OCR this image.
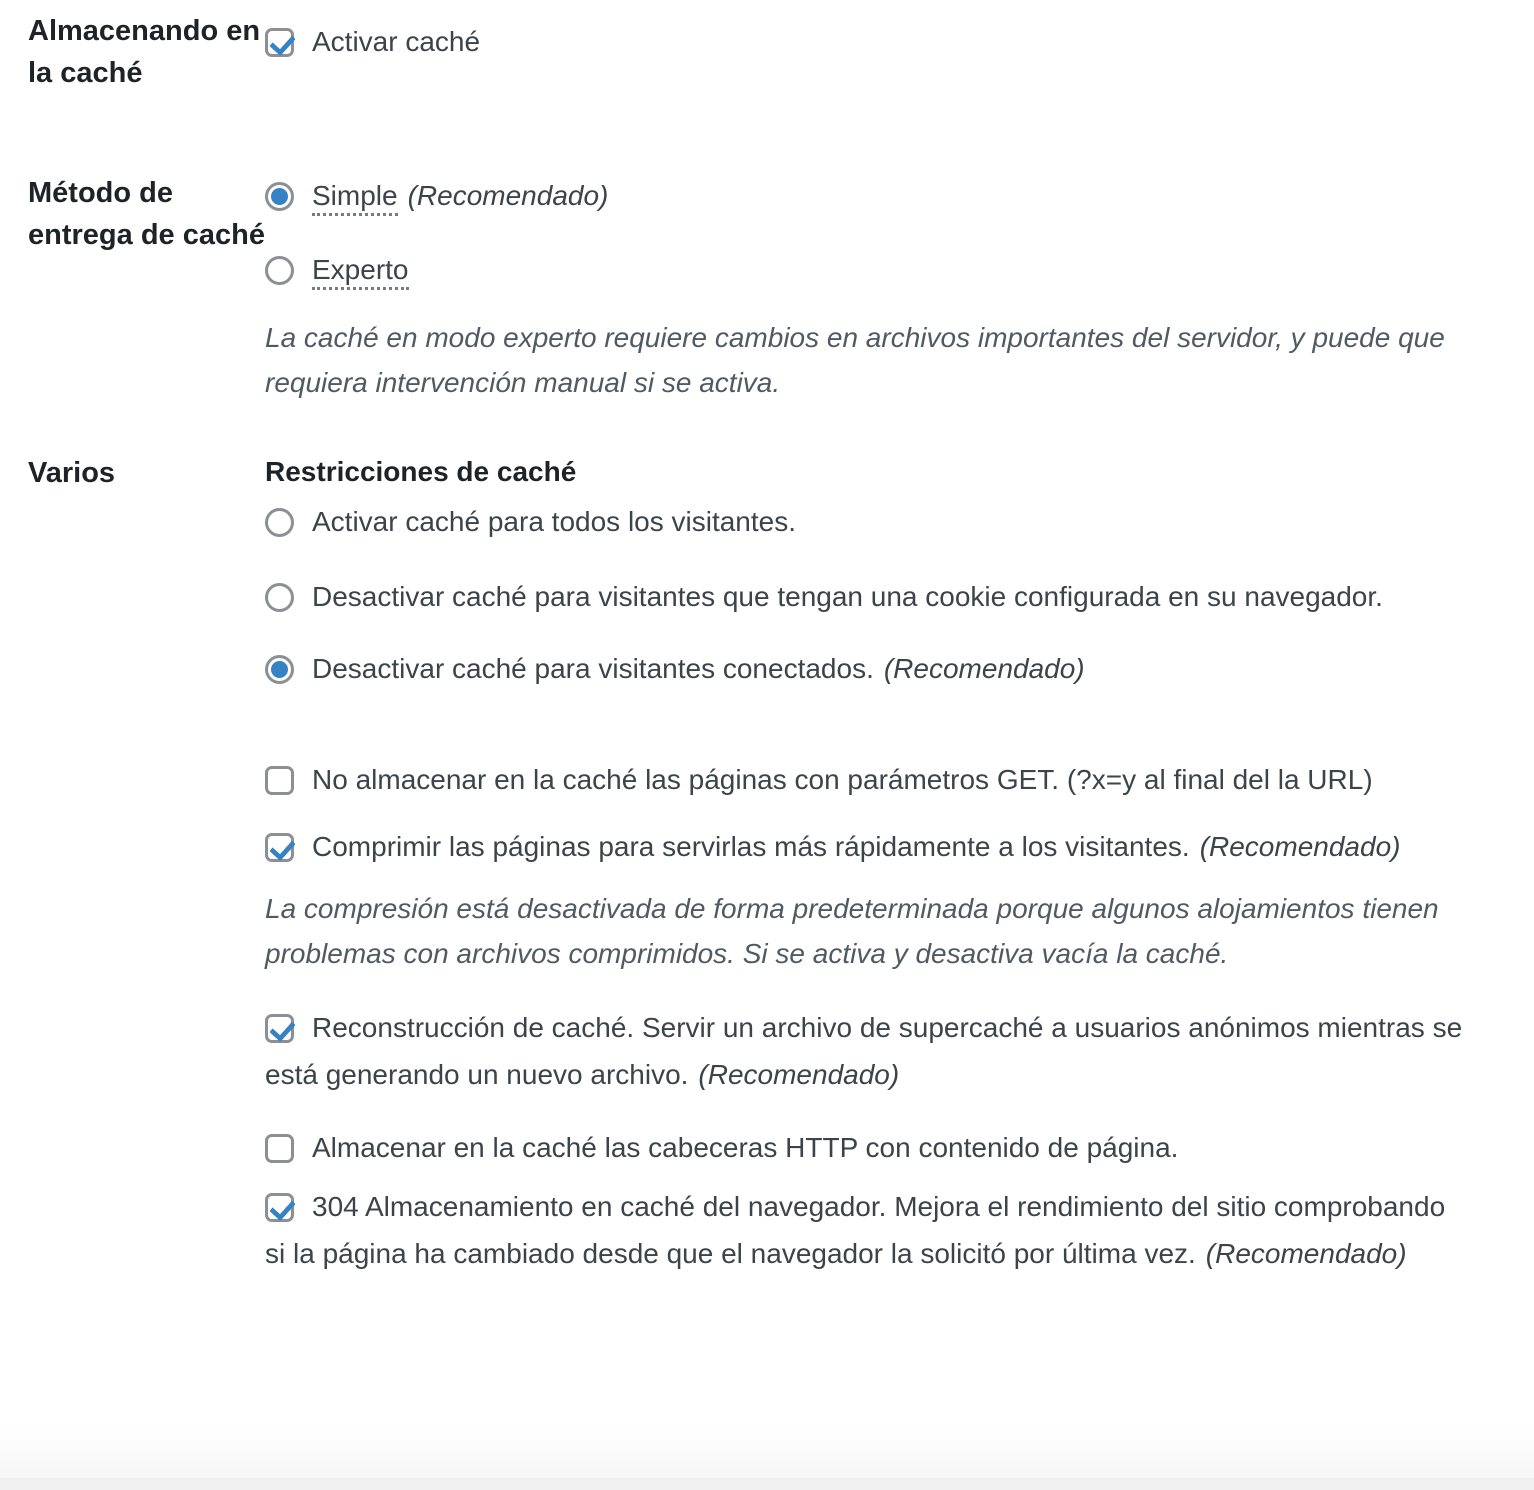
Almacenando en la caché
Activar caché
Método de entrega de caché
Simple (Recomendado)
Experto

La caché en modo experto requiere cambios en archivos importantes del servidor, y puede que requiera intervención manual si se activa.

Varios	Restricciones de caché
Activar caché para todos los visitantes.
Desactivar caché para visitantes que tengan una cookie configurada en su navegador.
Desactivar caché para visitantes conectados. (Recomendado)
No almacenar en la caché las páginas con parámetros GET. (?x=y al final del la URL)
Comprimir las páginas para servirlas más rápidamente a los visitantes. (Recomendado)

La compresión está desactivada de forma predeterminada porque algunos alojamientos tienen problemas con archivos comprimidos. Si se activa y desactiva vacía la caché.

Reconstrucción de caché. Servir un archivo de supercaché a usuarios anónimos mientras se está generando un nuevo archivo. (Recomendado)
Almacenar en la caché las cabeceras HTTP con contenido de página.
304 Almacenamiento en caché del navegador. Mejora el rendimiento del sitio comprobando si la página ha cambiado desde que el navegador la solicitó por última vez. (Recomendado)
